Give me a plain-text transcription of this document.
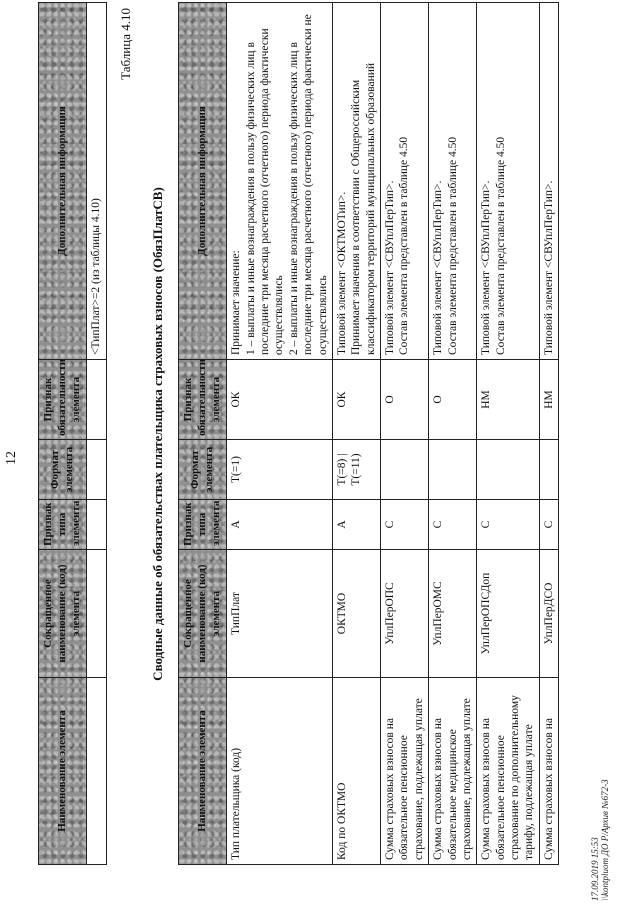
12
Наименование элемента	Сокращенное наименование (код) элемента	Признак типа элемента	Формат элемента	Признак обязательности элемента	Дополнительная информация
					<ТипПлат>=2 (из таблицы 4.10)
Таблица 4.10
Сводные данные об обязательствах плательщика страховых взносов (ОбязПлатСВ)
Наименование элемента	Сокращенное наименование (код) элемента	Признак типа элемента	Формат элемента	Признак обязательности элемента	Дополнительная информация
Тип плательщика (код)	ТипПлат	А	T(=1)	ОК	Принимает значение: 1 – выплаты и иные вознаграждения в пользу физических лиц в последние три месяца расчетного (отчетного) периода фактически осуществлялись 2 – выплаты и иные вознаграждения в пользу физических лиц в последние три месяца расчетного (отчетного) периода фактически не осуществлялись

Код по ОКТМО	ОКТМО	А	T(=8) | T(=11)	ОК	Типовой элемент <ОКТМОТип>. Принимает значения в соответствии с Общероссийским классификатором территорий муниципальных образований

Сумма страховых взносов на обязательное пенсионное страхование, подлежащая уплате	УплПерОПС	С		О	Типовой элемент <СВУплПерТип>. Состав элемента представлен в таблице 4.50

Сумма страховых взносов на обязательное медицинское страхование, подлежащая уплате	УплПерОМС	С		О	Типовой элемент <СВУплПерТип>. Состав элемента представлен в таблице 4.50

Сумма страховых взносов на обязательное пенсионное страхование по дополнительному тарифу, подлежащая уплате	УплПерОПСДоп	С		НМ	Типовой элемент <СВУплПерТип>. Состав элемента представлен в таблице 4.50

Сумма страховых взносов на	УплПерДСО	С		НМ	Типовой элемент <СВУплПерТип>.
17.09.2019 15:53 \\kontpluom ДО Р/Архив №672-3
